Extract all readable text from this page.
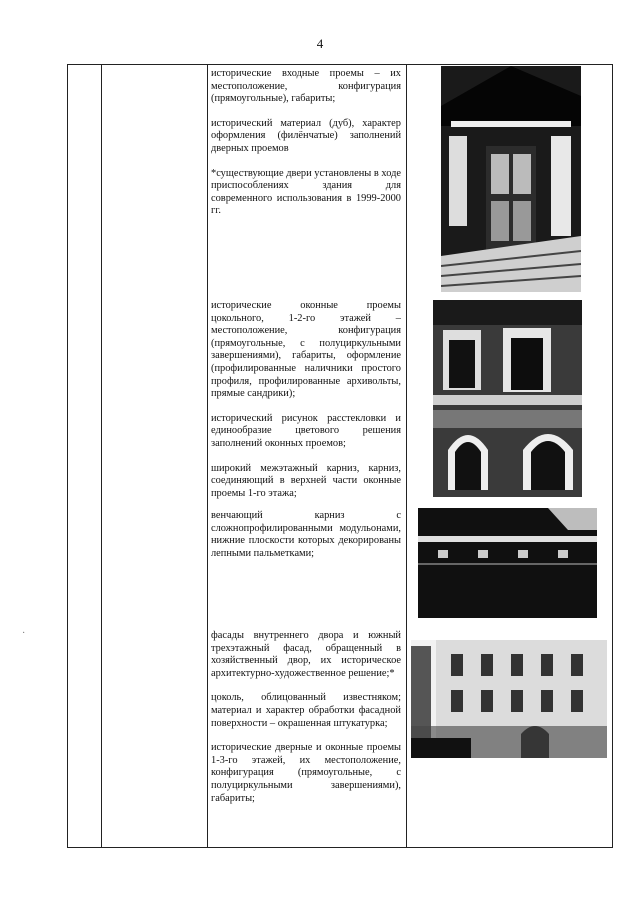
4
·

исторические входные проемы – их местоположение, конфигурация (прямоугольные), габариты;

исторический материал (дуб), характер оформления (филёнчатые) заполнений дверных проемов

*существующие двери установлены в ходе приспособлениях здания для современного использования в 1999-2000 гг.

исторические оконные проемы цокольного, 1-2-го этажей – местоположение, конфигурация (прямоугольные, с полуциркульными завершениями), габариты, оформление (профилированные наличники простого профиля, профилированные архивольты, прямые сандрики);

исторический рисунок расстекловки и единообразие цветового решения заполнений оконных проемов;

широкий межэтажный карниз, карниз, соединяющий в верхней части оконные проемы 1-го этажа;

венчающий карниз с сложнопрофилированными модульонами, нижние плоскости которых декорированы лепными пальметками;

фасады внутреннего двора и южный трехэтажный фасад, обращенный в хозяйственный двор, их историческое архитектурно-художественное решение;*

цоколь, облицованный известняком; материал и характер обработки фасадной поверхности – окрашенная штукатурка;

исторические дверные и оконные проемы 1-3-го этажей, их местоположение, конфигурация (прямоугольные, с полуциркульными завершениями), габариты;
